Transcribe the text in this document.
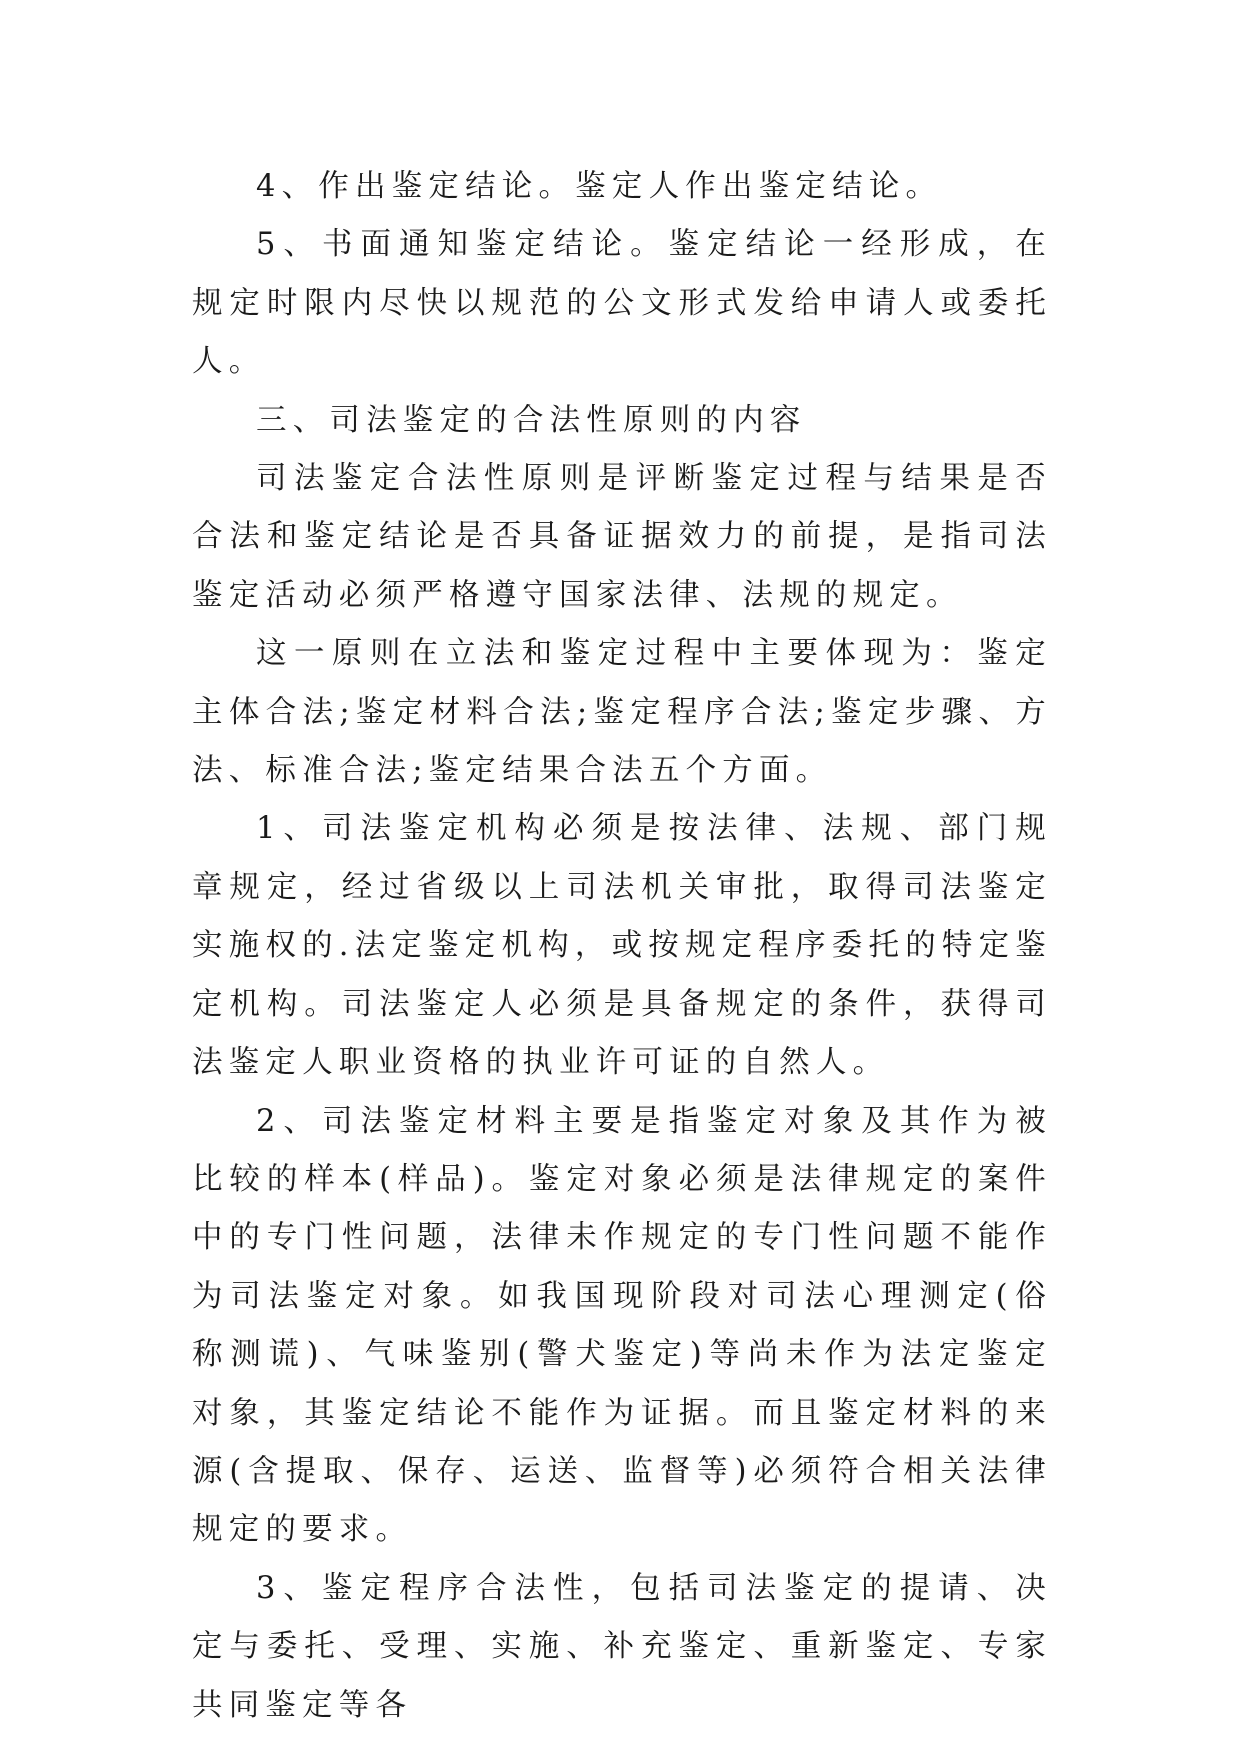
4、作出鉴定结论。鉴定人作出鉴定结论。

5、书面通知鉴定结论。鉴定结论一经形成，在规定时限内尽快以规范的公文形式发给申请人或委托人。

三、司法鉴定的合法性原则的内容

司法鉴定合法性原则是评断鉴定过程与结果是否合法和鉴定结论是否具备证据效力的前提，是指司法鉴定活动必须严格遵守国家法律、法规的规定。

这一原则在立法和鉴定过程中主要体现为：鉴定主体合法;鉴定材料合法;鉴定程序合法;鉴定步骤、方法、标准合法;鉴定结果合法五个方面。

1、司法鉴定机构必须是按法律、法规、部门规章规定，经过省级以上司法机关审批，取得司法鉴定实施权的.法定鉴定机构，或按规定程序委托的特定鉴定机构。司法鉴定人必须是具备规定的条件，获得司法鉴定人职业资格的执业许可证的自然人。

2、司法鉴定材料主要是指鉴定对象及其作为被比较的样本(样品)。鉴定对象必须是法律规定的案件中的专门性问题，法律未作规定的专门性问题不能作为司法鉴定对象。如我国现阶段对司法心理测定(俗称测谎)、气味鉴别(警犬鉴定)等尚未作为法定鉴定对象，其鉴定结论不能作为证据。而且鉴定材料的来源(含提取、保存、运送、监督等)必须符合相关法律规定的要求。

3、鉴定程序合法性，包括司法鉴定的提请、决定与委托、受理、实施、补充鉴定、重新鉴定、专家共同鉴定等各
